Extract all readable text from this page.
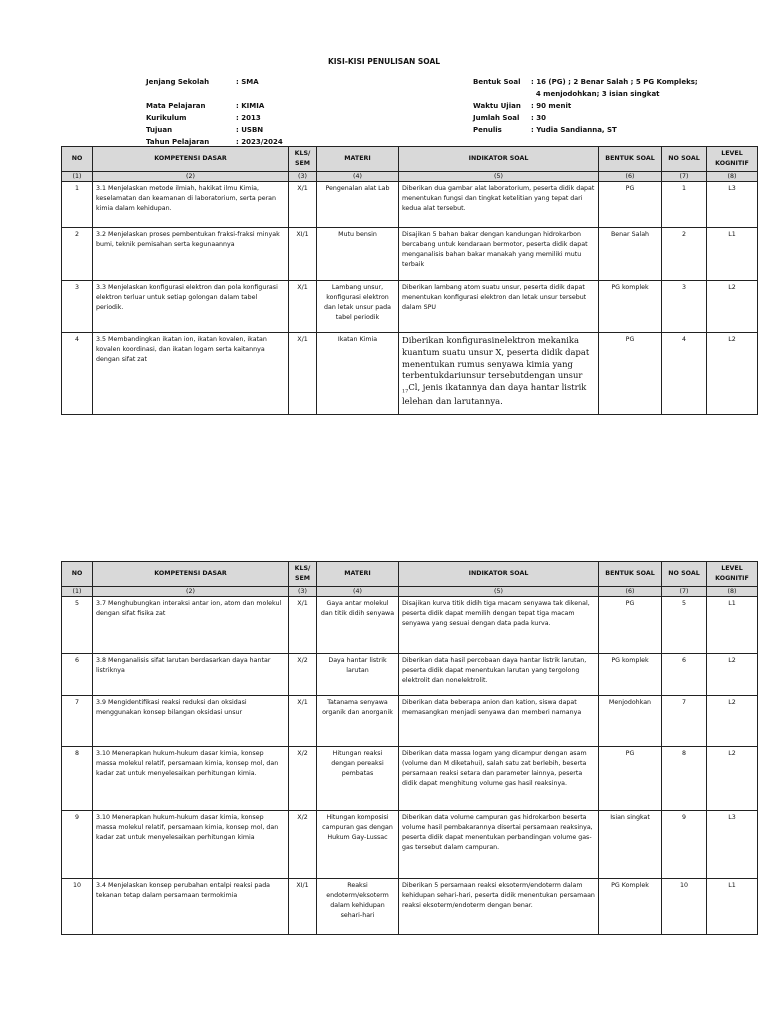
KISI-KISI PENULISAN SOAL
Jenjang Sekolah	: SMA
Mata Pelajaran	: KIMIA
Kurikulum	: 2013
Tujuan	: USBN
Tahun Pelajaran	: 2023/2024
Bentuk Soal	: 16 (PG) ; 2 Benar Salah ; 5 PG Kompleks;
4 menjodohkan; 3 isian singkat
Waktu Ujian	: 90 menit
Jumlah Soal	: 30
Penulis	: Yudia Sandianna, ST
NO	KOMPETENSI DASAR	KLS/ SEM	MATERI	INDIKATOR SOAL	BENTUK SOAL	NO SOAL	LEVEL KOGNITIF
(1)	(2)	(3)	(4)	(5)	(6)	(7)	(8)
1	3.1 Menjelaskan metode ilmiah, hakikat ilmu Kimia, keselamatan dan keamanan di laboratorium, serta peran kimia dalam kehidupan.	X/1	Pengenalan alat Lab	Diberikan dua gambar alat laboratorium, peserta didik dapat menentukan fungsi dan tingkat ketelitian yang tepat dari kedua alat tersebut.	PG	1	L3
2	3.2 Menjelaskan proses pembentukan fraksi-fraksi minyak bumi, teknik pemisahan serta kegunaannya	XI/1	Mutu bensin	Disajikan 5 bahan bakar dengan kandungan hidrokarbon bercabang untuk kendaraan bermotor, peserta didik dapat menganalisis bahan bakar manakah yang memiliki mutu terbaik	Benar Salah	2	L1
3	3.3 Menjelaskan konfigurasi elektron dan pola konfigurasi elektron terluar untuk setiap golongan dalam tabel periodik.	X/1	Lambang unsur, konfigurasi elektron dan letak unsur pada tabel periodik	Diberikan lambang atom suatu unsur, peserta didik dapat menentukan konfigurasi elektron dan letak unsur tersebut dalam SPU	PG komplek	3	L2
4	3.5 Membandingkan ikatan ion, ikatan kovalen, ikatan kovalen koordinasi, dan ikatan logam serta kaitannya dengan sifat zat	X/1	Ikatan Kimia	Diberikan konfigurasinelektron mekanika kuantum suatu unsur X, peserta didik dapat menentukan rumus senyawa kimia yang terbentukdariunsur tersebutdengan unsur $_{17}$Cl, jenis ikatannya dan daya hantar listrik lelehan dan larutannya.	PG	4	L2
NO	KOMPETENSI DASAR	KLS/ SEM	MATERI	INDIKATOR SOAL	BENTUK SOAL	NO SOAL	LEVEL KOGNITIF
(1)	(2)	(3)	(4)	(5)	(6)	(7)	(8)
5	3.7 Menghubungkan interaksi antar ion, atom dan molekul dengan sifat fisika zat	X/1	Gaya antar molekul dan titik didih senyawa	Disajikan kurva titik didih tiga macam senyawa tak dikenal, peserta didik dapat memilih dengan tepat tiga macam senyawa yang sesuai dengan data pada kurva.	PG	5	L1
6	3.8 Menganalisis sifat larutan berdasarkan daya hantar listriknya	X/2	Daya hantar listrik larutan	Diberikan data hasil percobaan daya hantar listrik larutan, peserta didik dapat menentukan larutan yang tergolong elektrolit dan nonelektrolit.	PG komplek	6	L2
7	3.9 Mengidentifikasi reaksi reduksi dan oksidasi menggunakan konsep bilangan oksidasi unsur	X/1	Tatanama senyawa organik dan anorganik	Diberikan data beberapa anion dan kation, siswa dapat memasangkan menjadi senyawa dan memberi namanya	Menjodohkan	7	L2
8	3.10 Menerapkan hukum-hukum dasar kimia, konsep massa molekul relatif, persamaan kimia, konsep mol, dan kadar zat untuk menyelesaikan perhitungan kimia.	X/2	Hitungan reaksi dengan pereaksi pembatas	Diberikan data massa logam yang dicampur dengan asam (volume dan M diketahui), salah satu zat berlebih, beserta persamaan reaksi setara dan parameter lainnya, peserta didik dapat menghitung volume gas hasil reaksinya.	PG	8	L2
9	3.10 Menerapkan hukum-hukum dasar kimia, konsep massa molekul relatif, persamaan kimia, konsep mol, dan kadar zat untuk menyelesaikan perhitungan kimia	X/2	Hitungan komposisi campuran gas dengan Hukum Gay-Lussac	Diberikan data volume campuran gas hidrokarbon beserta volume hasil pembakarannya disertai persamaan reaksinya, peserta didik dapat menentukan perbandingan volume gas-gas tersebut dalam campuran.	Isian singkat	9	L3
10	3.4 Menjelaskan konsep perubahan entalpi reaksi pada tekanan tetap dalam persamaan termokimia	XI/1	Reaksi endoterm/eksoterm dalam kehidupan sehari-hari	Diberikan 5 persamaan reaksi eksoterm/endoterm dalam kehidupan sehari-hari, peserta didik menentukan persamaan reaksi eksoterm/endoterm dengan benar.	PG Komplek	10	L1
